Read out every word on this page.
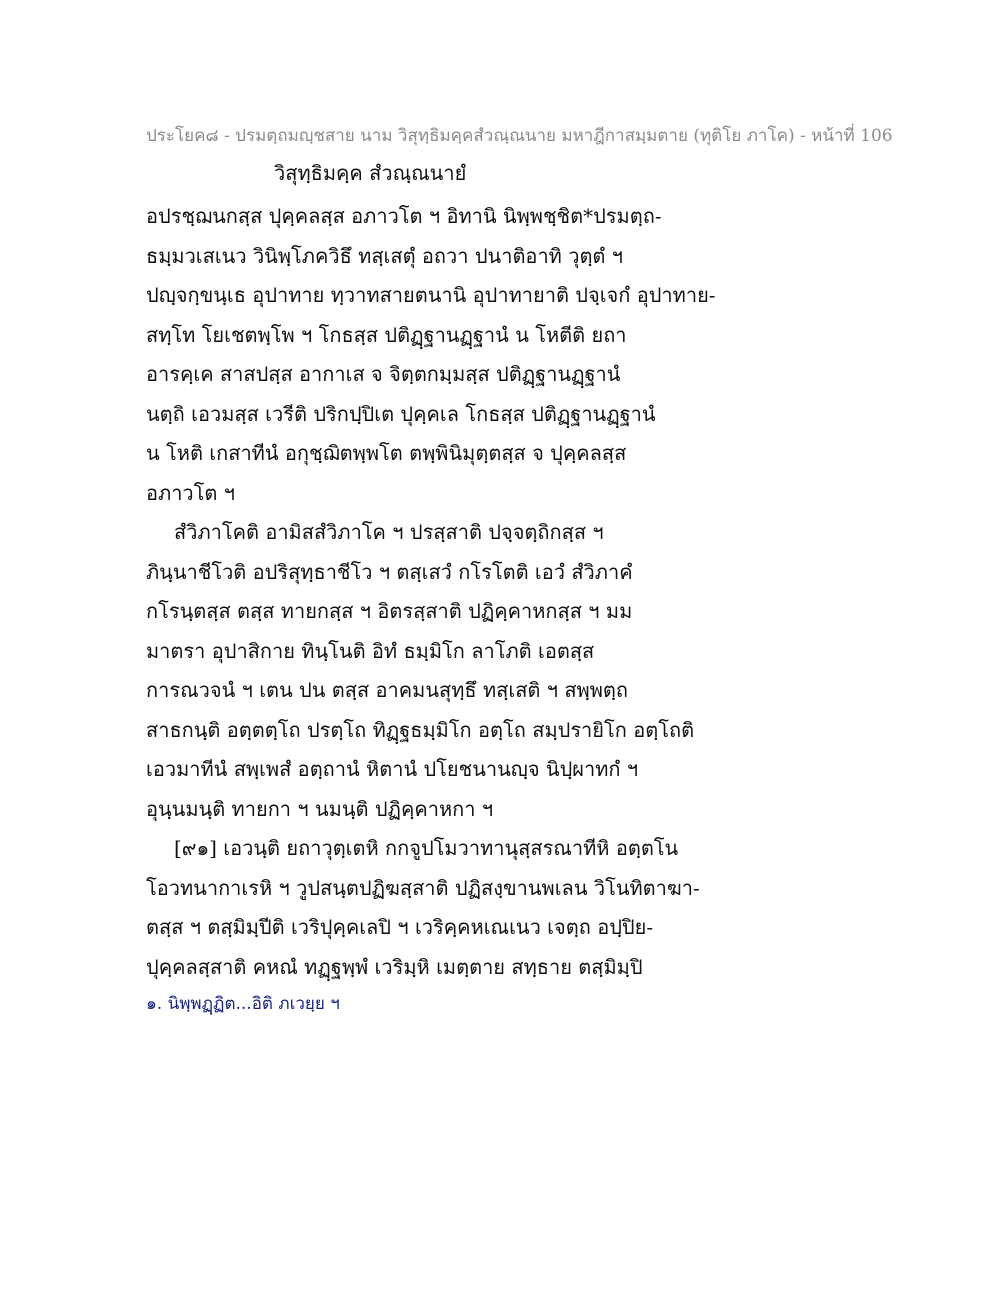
ประโยค๘ - ปรมตฺถมญฺชสาย นาม วิสุทฺธิมคฺคสํวณฺณนาย มหาฎีกาสมฺมตาย (ทุติโย ภาโค) - หน้าที่ 106
วิสุทฺธิมคฺค สํวณฺณนายํ
อปรชฺฌนกสฺส ปุคฺคลสฺส อภาวโต ฯ อิทานิ นิพฺพชฺชิต*ปรมตฺถ-
ธมฺมวเสเนว วินิพฺโภควิธึ ทสฺเสตุํ อถวา ปนาติอาทิ วุตฺตํ ฯ
ปญฺจกฺขนฺเธ อุปาทาย ทฺวาทสายตนานิ อุปาทายาติ ปจฺเจกํ อุปาทาย-
สทฺโท โยเชตพฺโพ ฯ โกธสฺส ปติฏฺฐานฏฺฐานํ น โหตีติ ยถา
อารคฺเค สาสปสฺส อากาเส จ จิตฺตกมฺมสฺส ปติฏฺฐานฏฺฐานํ
นตฺถิ เอวมสฺส เวรีติ ปริกปฺปิเต ปุคฺคเล โกธสฺส ปติฏฺฐานฏฺฐานํ
น โหติ เกสาทีนํ อกุชฺฌิตพฺพโต ตพฺพินิมุตฺตสฺส จ ปุคฺคลสฺส
อภาวโต ฯ
สํวิภาโคติ อามิสสํวิภาโค ฯ ปรสฺสาติ ปจฺจตฺถิกสฺส ฯ
ภินฺนาชีโวติ อปริสุทฺธาชีโว ฯ ตสฺเสวํ กโรโตติ เอวํ สํวิภาคํ
กโรนฺตสฺส ตสฺส ทายกสฺส ฯ อิตรสฺสาติ ปฏิคฺคาหกสฺส ฯ มม
มาตรา อุปาสิกาย ทินฺโนติ อิทํ ธมฺมิโก ลาโภติ เอตสฺส
การณวจนํ ฯ เตน ปน ตสฺส อาคมนสุทฺธึ ทสฺเสติ ฯ สพฺพตฺถ
สาธกนฺติ อตฺตตฺโถ ปรตฺโถ ทิฏฺฐธมฺมิโก อตฺโถ สมฺปรายิโก อตฺโถติ
เอวมาทีนํ สพฺเพสํ อตฺถานํ หิตานํ ปโยชนานญฺจ นิปฺผาทกํ ฯ
อุนฺนมนฺติ ทายกา ฯ นมนฺติ ปฏิคฺคาหกา ฯ
[๙๑] เอวนฺติ ยถาวุตฺเตหิ กกจูปโมวาทานุสฺสรณาทีหิ อตฺตโน
โอวทนากาเรหิ ฯ วูปสนฺตปฏิฆสฺสาติ ปฏิสงฺขานพเลน วิโนทิตาฆา-
ตสฺส ฯ ตสฺมิมฺปีติ เวริปุคฺคเลปิ ฯ เวริคฺคหเณเนว เจตฺถ อปฺปิย-
ปุคฺคลสฺสาติ คหณํ ทฏฺฐพฺพํ เวริมฺหิ เมตฺตาย สทฺธาย ตสฺมิมฺปิ
๑. นิพฺพฏฺฏิต...อิติ ภเวยฺย ฯ
